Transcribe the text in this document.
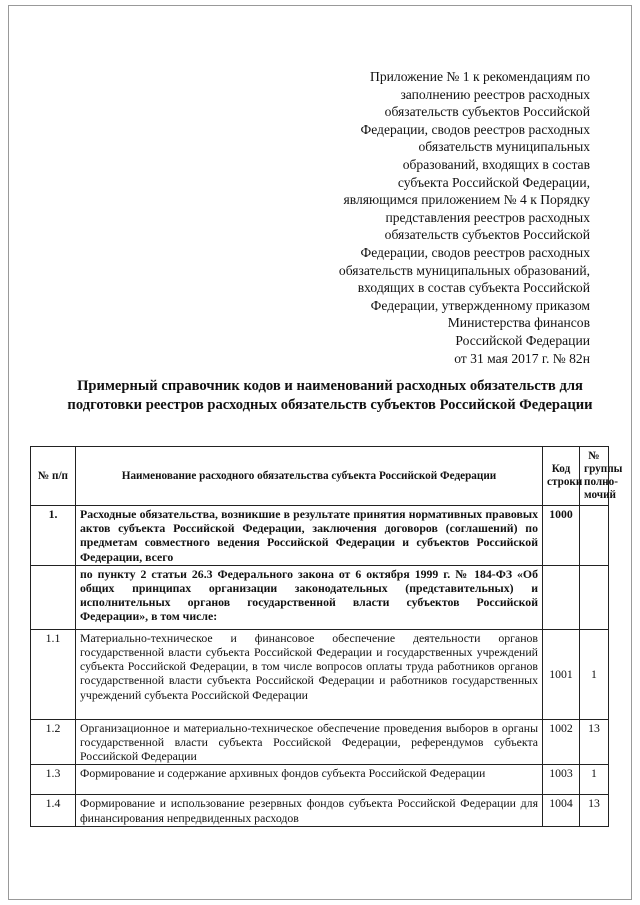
Приложение № 1 к рекомендациям по
заполнению реестров расходных
обязательств субъектов Российской
Федерации, сводов реестров расходных
обязательств муниципальных
образований, входящих в состав
субъекта Российской Федерации,
являющимся приложением № 4 к Порядку
представления реестров расходных
обязательств субъектов Российской
Федерации, сводов реестров расходных
обязательств муниципальных образований,
входящих в состав субъекта Российской
Федерации, утвержденному приказом
Министерства финансов
Российской Федерации
от 31 мая 2017 г. № 82н
Примерный справочник кодов и наименований расходных обязательств для подготовки реестров расходных обязательств субъектов Российской Федерации
№ п/п	Наименование расходного обязательства субъекта Российской Федерации	Код строки	№ группы полно-мочий
1.	Расходные обязательства, возникшие в результате принятия нормативных правовых актов субъекта Российской Федерации, заключения договоров (соглашений) по предметам совместного ведения Российской Федерации и субъектов Российской Федерации, всего	1000	
	по пункту 2 статьи 26.3 Федерального закона от 6 октября 1999 г. № 184-ФЗ «Об общих принципах организации законодательных (представительных) и исполнительных органов государственной власти субъектов Российской Федерации», в том числе:		
1.1	Материально-техническое и финансовое обеспечение деятельности органов государственной власти субъекта Российской Федерации и государственных учреждений субъекта Российской Федерации, в том числе вопросов оплаты труда работников органов государственной власти субъекта Российской Федерации и работников государственных учреждений субъекта Российской Федерации	1001	1
1.2	Организационное и материально-техническое обеспечение проведения выборов в органы государственной власти субъекта Российской Федерации, референдумов субъекта Российской Федерации	1002	13
1.3	Формирование и содержание архивных фондов субъекта Российской Федерации	1003	1
1.4	Формирование и использование резервных фондов субъекта Российской Федерации для финансирования непредвиденных расходов	1004	13
